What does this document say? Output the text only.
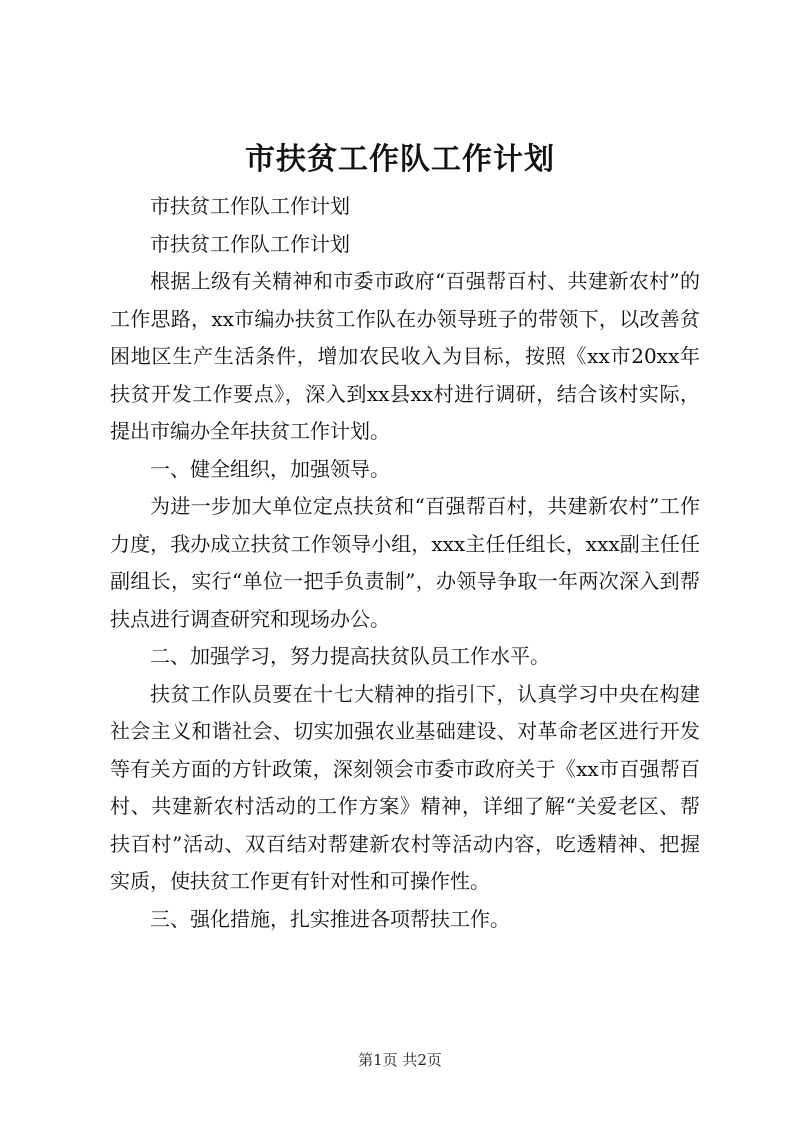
市扶贫工作队工作计划

市扶贫工作队工作计划

市扶贫工作队工作计划

根据上级有关精神和市委市政府“百强帮百村、共建新农村”的工作思路，xx市编办扶贫工作队在办领导班子的带领下，以改善贫困地区生产生活条件，增加农民收入为目标，按照《xx市20xx年扶贫开发工作要点》，深入到xx县xx村进行调研，结合该村实际，提出市编办全年扶贫工作计划。

一、健全组织，加强领导。

为进一步加大单位定点扶贫和“百强帮百村，共建新农村”工作力度，我办成立扶贫工作领导小组，xxx主任任组长，xxx副主任任副组长，实行“单位一把手负责制”，办领导争取一年两次深入到帮扶点进行调查研究和现场办公。

二、加强学习，努力提高扶贫队员工作水平。

扶贫工作队员要在十七大精神的指引下，认真学习中央在构建社会主义和谐社会、切实加强农业基础建设、对革命老区进行开发等有关方面的方针政策，深刻领会市委市政府关于《xx市百强帮百村、共建新农村活动的工作方案》精神，详细了解“关爱老区、帮扶百村”活动、双百结对帮建新农村等活动内容，吃透精神、把握实质，使扶贫工作更有针对性和可操作性。

三、强化措施，扎实推进各项帮扶工作。

第1页 共2页
